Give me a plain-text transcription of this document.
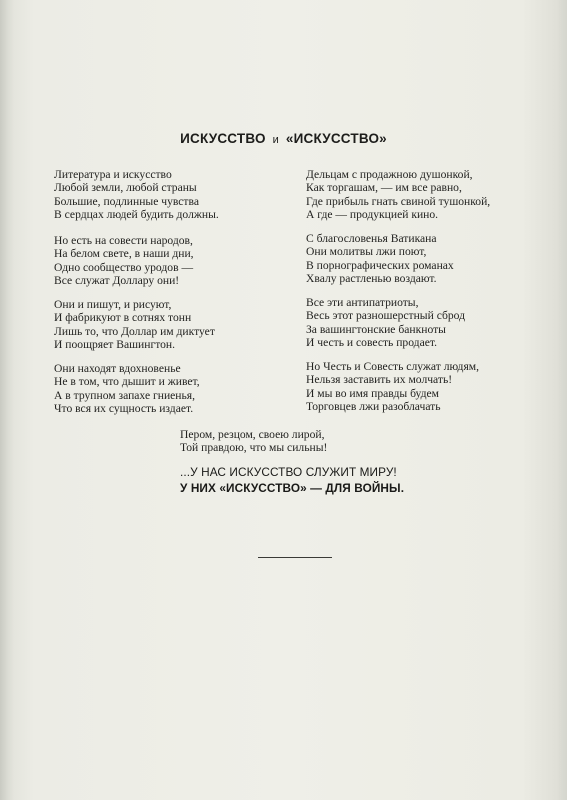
ИСКУССТВО и «ИСКУССТВО»
Литература и искусство
Любой земли, любой страны
Большие, подлинные чувства
В сердцах людей будить должны.
Но есть на совести народов,
На белом свете, в наши дни,
Одно сообщество уродов —
Все служат Доллару они!
Они и пишут, и рисуют,
И фабрикуют в сотнях тонн
Лишь то, что Доллар им диктует
И поощряет Вашингтон.
Они находят вдохновенье
Не в том, что дышит и живет,
А в трупном запахе гниенья,
Что вся их сущность издает.
Дельцам с продажною душонкой,
Как торгашам, — им все равно,
Где прибыль гнать свиной тушонкой,
А где — продукцией кино.
С благословенья Ватикана
Они молитвы лжи поют,
В порнографических романах
Хвалу растленью воздают.
Все эти антипатриоты,
Весь этот разношерстный сброд
За вашингтонские банкноты
И честь и совесть продает.
Но Честь и Совесть служат людям,
Нельзя заставить их молчать!
И мы во имя правды будем
Торговцев лжи разоблачать
Пером, резцом, своею лирой,
Той правдою, что мы сильны!
...У НАС ИСКУССТВО СЛУЖИТ МИРУ!
У НИХ «ИСКУССТВО» — ДЛЯ ВОЙНЫ.
